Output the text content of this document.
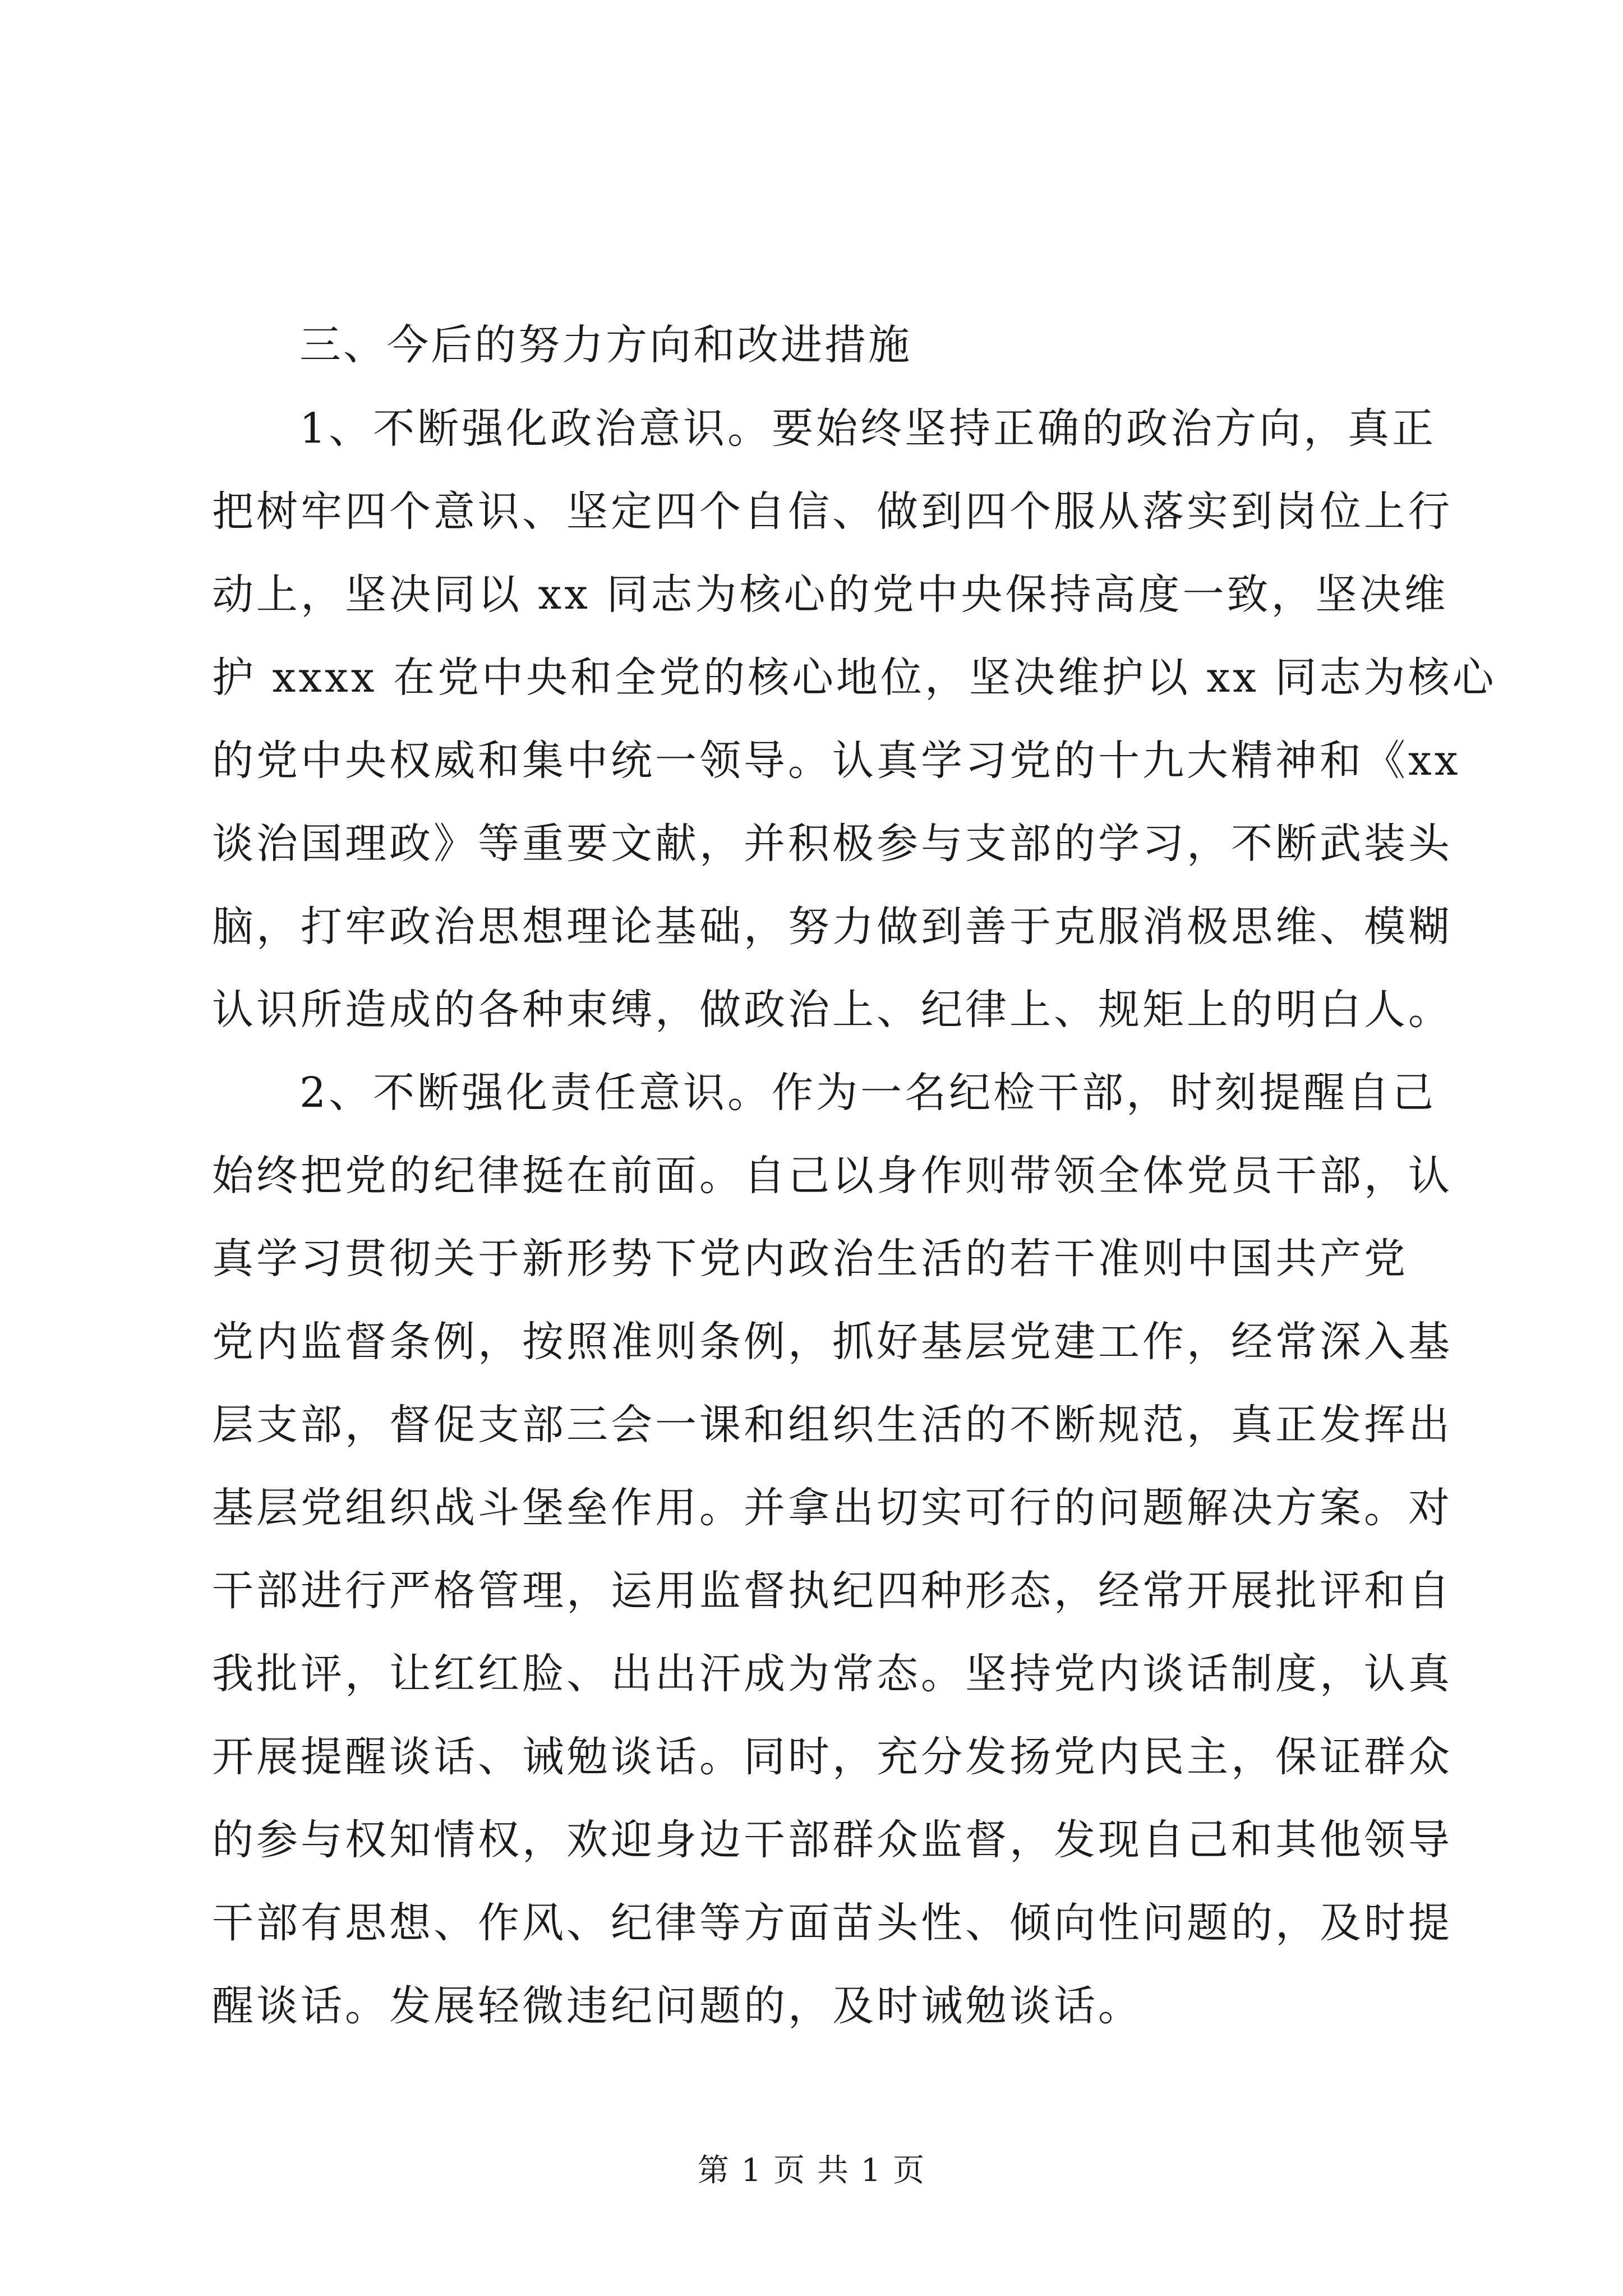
三、今后的努力方向和改进措施

1、不断强化政治意识。要始终坚持正确的政治方向，真正

把树牢四个意识、坚定四个自信、做到四个服从落实到岗位上行

动上，坚决同以 xx 同志为核心的党中央保持高度一致，坚决维

护 xxxx 在党中央和全党的核心地位，坚决维护以 xx 同志为核心

的党中央权威和集中统一领导。认真学习党的十九大精神和《xx

谈治国理政》等重要文献，并积极参与支部的学习，不断武装头

脑，打牢政治思想理论基础，努力做到善于克服消极思维、模糊

认识所造成的各种束缚，做政治上、纪律上、规矩上的明白人。

2、不断强化责任意识。作为一名纪检干部，时刻提醒自己

始终把党的纪律挺在前面。自己以身作则带领全体党员干部，认

真学习贯彻关于新形势下党内政治生活的若干准则中国共产党

党内监督条例，按照准则条例，抓好基层党建工作，经常深入基

层支部，督促支部三会一课和组织生活的不断规范，真正发挥出

基层党组织战斗堡垒作用。并拿出切实可行的问题解决方案。对

干部进行严格管理，运用监督执纪四种形态，经常开展批评和自

我批评，让红红脸、出出汗成为常态。坚持党内谈话制度，认真

开展提醒谈话、诫勉谈话。同时，充分发扬党内民主，保证群众

的参与权知情权，欢迎身边干部群众监督，发现自己和其他领导

干部有思想、作风、纪律等方面苗头性、倾向性问题的，及时提

醒谈话。发展轻微违纪问题的，及时诫勉谈话。

第 1 页 共 1 页
